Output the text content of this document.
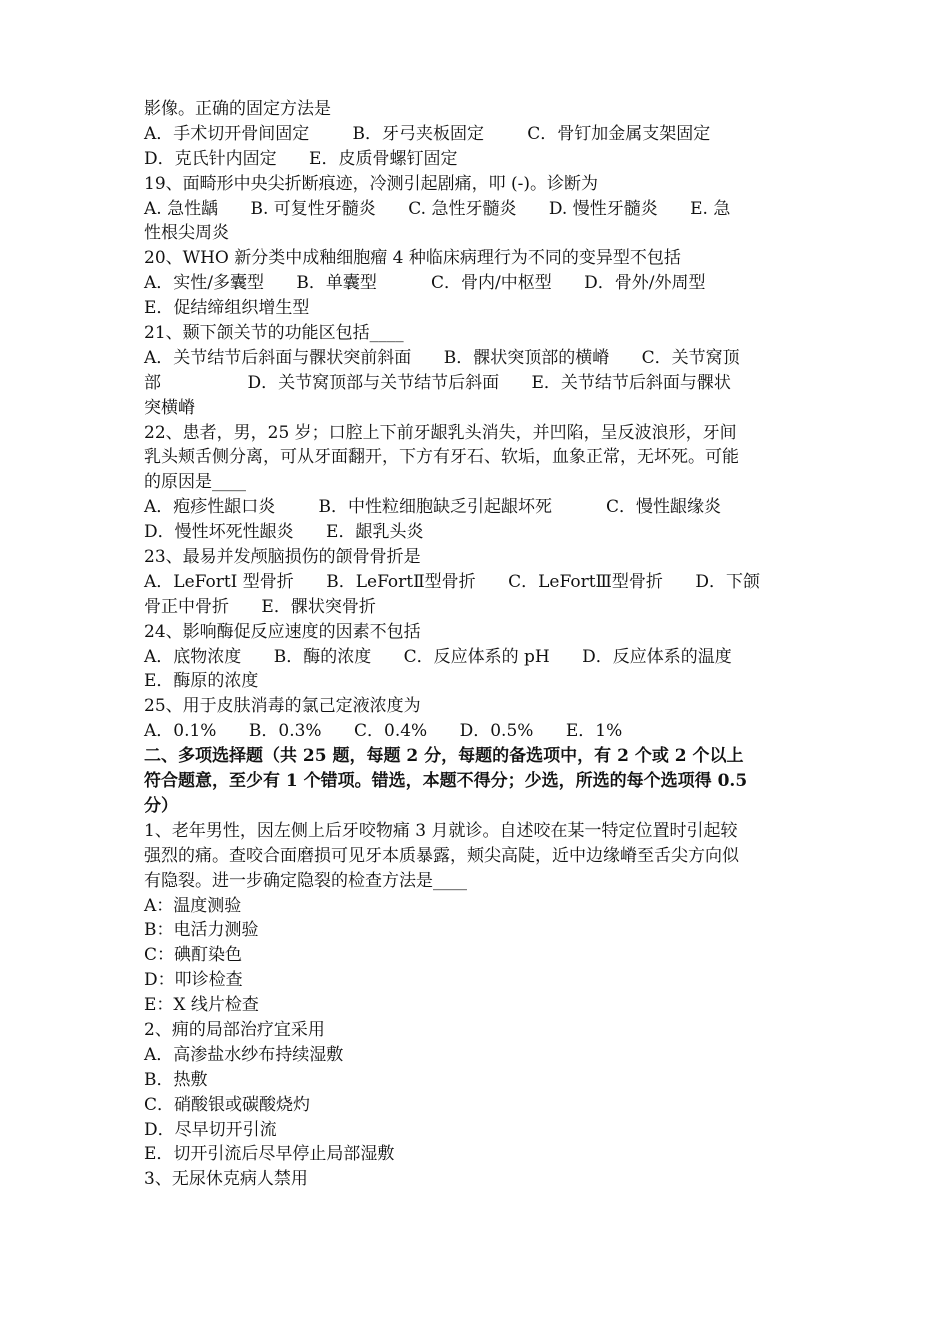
影像。正确的固定方法是
A．手术切开骨间固定        B．牙弓夹板固定        C．骨钉加金属支架固定
D．克氏针内固定      E．皮质骨螺钉固定
19、面畸形中央尖折断痕迹，冷测引起剧痛，叩 (-)。诊断为
A. 急性龋      B. 可复性牙髓炎      C. 急性牙髓炎      D. 慢性牙髓炎      E. 急
性根尖周炎
20、WHO 新分类中成釉细胞瘤 4 种临床病理行为不同的变异型不包括
A．实性/多囊型      B．单囊型          C．骨内/中枢型      D．骨外/外周型
E．促结缔组织增生型
21、颞下颌关节的功能区包括____
A．关节结节后斜面与髁状突前斜面      B．髁状突顶部的横嵴      C．关节窝顶
部                D．关节窝顶部与关节结节后斜面      E．关节结节后斜面与髁状
突横嵴
22、患者，男，25 岁；口腔上下前牙龈乳头消失，并凹陷，呈反波浪形，牙间
乳头颊舌侧分离，可从牙面翻开，下方有牙石、软垢，血象正常，无坏死。可能
的原因是____
A．疱疹性龈口炎        B．中性粒细胞缺乏引起龈坏死          C．慢性龈缘炎
D．慢性坏死性龈炎      E．龈乳头炎
23、最易并发颅脑损伤的颌骨骨折是
A．LeFortI 型骨折      B．LeFortⅡ型骨折      C．LeFortⅢ型骨折      D．下颌
骨正中骨折      E．髁状突骨折
24、影响酶促反应速度的因素不包括
A．底物浓度      B．酶的浓度      C．反应体系的 pH      D．反应体系的温度
E．酶原的浓度
25、用于皮肤消毒的氯己定液浓度为
A．0.1%      B．0.3%      C．0.4%      D．0.5%      E．1%
二、多项选择题（共 25 题，每题 2 分，每题的备选项中，有 2 个或 2 个以上
符合题意，至少有 1 个错项。错选，本题不得分；少选，所选的每个选项得 0.5
分）
1、老年男性，因左侧上后牙咬物痛 3 月就诊。自述咬在某一特定位置时引起较
强烈的痛。查咬合面磨损可见牙本质暴露，颊尖高陡，近中边缘嵴至舌尖方向似
有隐裂。进一步确定隐裂的检查方法是____
A：温度测验
B：电活力测验
C：碘酊染色
D：叩诊检查
E：X 线片检查
2、痈的局部治疗宜采用
A．高渗盐水纱布持续湿敷
B．热敷
C．硝酸银或碳酸烧灼
D．尽早切开引流
E．切开引流后尽早停止局部湿敷
3、无尿休克病人禁用
